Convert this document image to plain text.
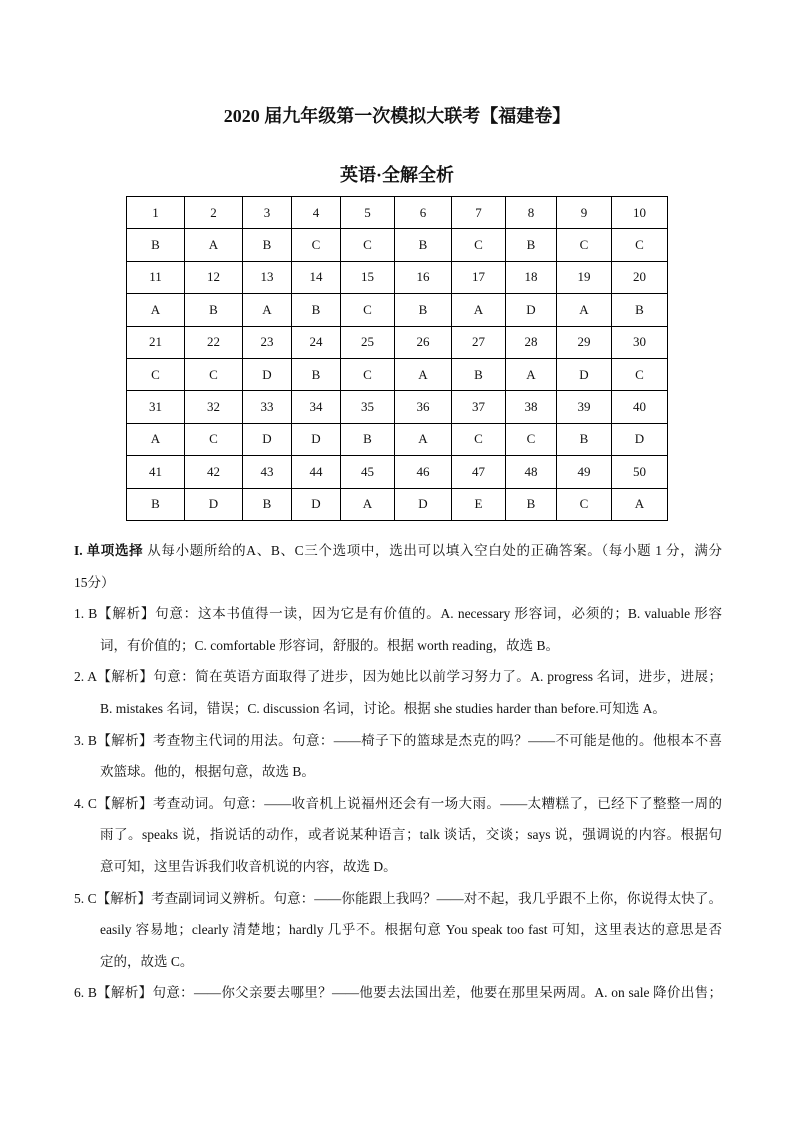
2020 届九年级第一次模拟大联考【福建卷】
英语·全解全析
1	2	3	4	5	6	7	8	9	10
B	A	B	C	C	B	C	B	C	C
11	12	13	14	15	16	17	18	19	20
A	B	A	B	C	B	A	D	A	B
21	22	23	24	25	26	27	28	29	30
C	C	D	B	C	A	B	A	D	C
31	32	33	34	35	36	37	38	39	40
A	C	D	D	B	A	C	C	B	D
41	42	43	44	45	46	47	48	49	50
B	D	B	D	A	D	E	B	C	A
I. 单项选择 从每小题所给的A、B、C三个选项中，选出可以填入空白处的正确答案。（每小题 1 分，满分
15分）
1. B【解析】句意：这本书值得一读，因为它是有价值的。A. necessary 形容词，必须的；B. valuable 形容
词，有价值的；C. comfortable 形容词，舒服的。根据 worth reading，故选 B。
2. A【解析】句意：简在英语方面取得了进步，因为她比以前学习努力了。A. progress 名词，进步，进展；
B. mistakes 名词，错误；C. discussion 名词，讨论。根据 she studies harder than before.可知选 A。
3. B【解析】考查物主代词的用法。句意：——椅子下的篮球是杰克的吗？——不可能是他的。他根本不喜
欢篮球。他的，根据句意，故选 B。
4. C【解析】考查动词。句意：——收音机上说福州还会有一场大雨。——太糟糕了，已经下了整整一周的
雨了。speaks 说，指说话的动作，或者说某种语言；talk 谈话，交谈；says 说，强调说的内容。根据句
意可知，这里告诉我们收音机说的内容，故选 D。
5. C【解析】考查副词词义辨析。句意：——你能跟上我吗？——对不起，我几乎跟不上你，你说得太快了。
easily 容易地；clearly 清楚地；hardly 几乎不。根据句意 You speak too fast 可知，这里表达的意思是否
定的，故选 C。
6. B【解析】句意：——你父亲要去哪里？——他要去法国出差，他要在那里呆两周。A. on sale 降价出售；
